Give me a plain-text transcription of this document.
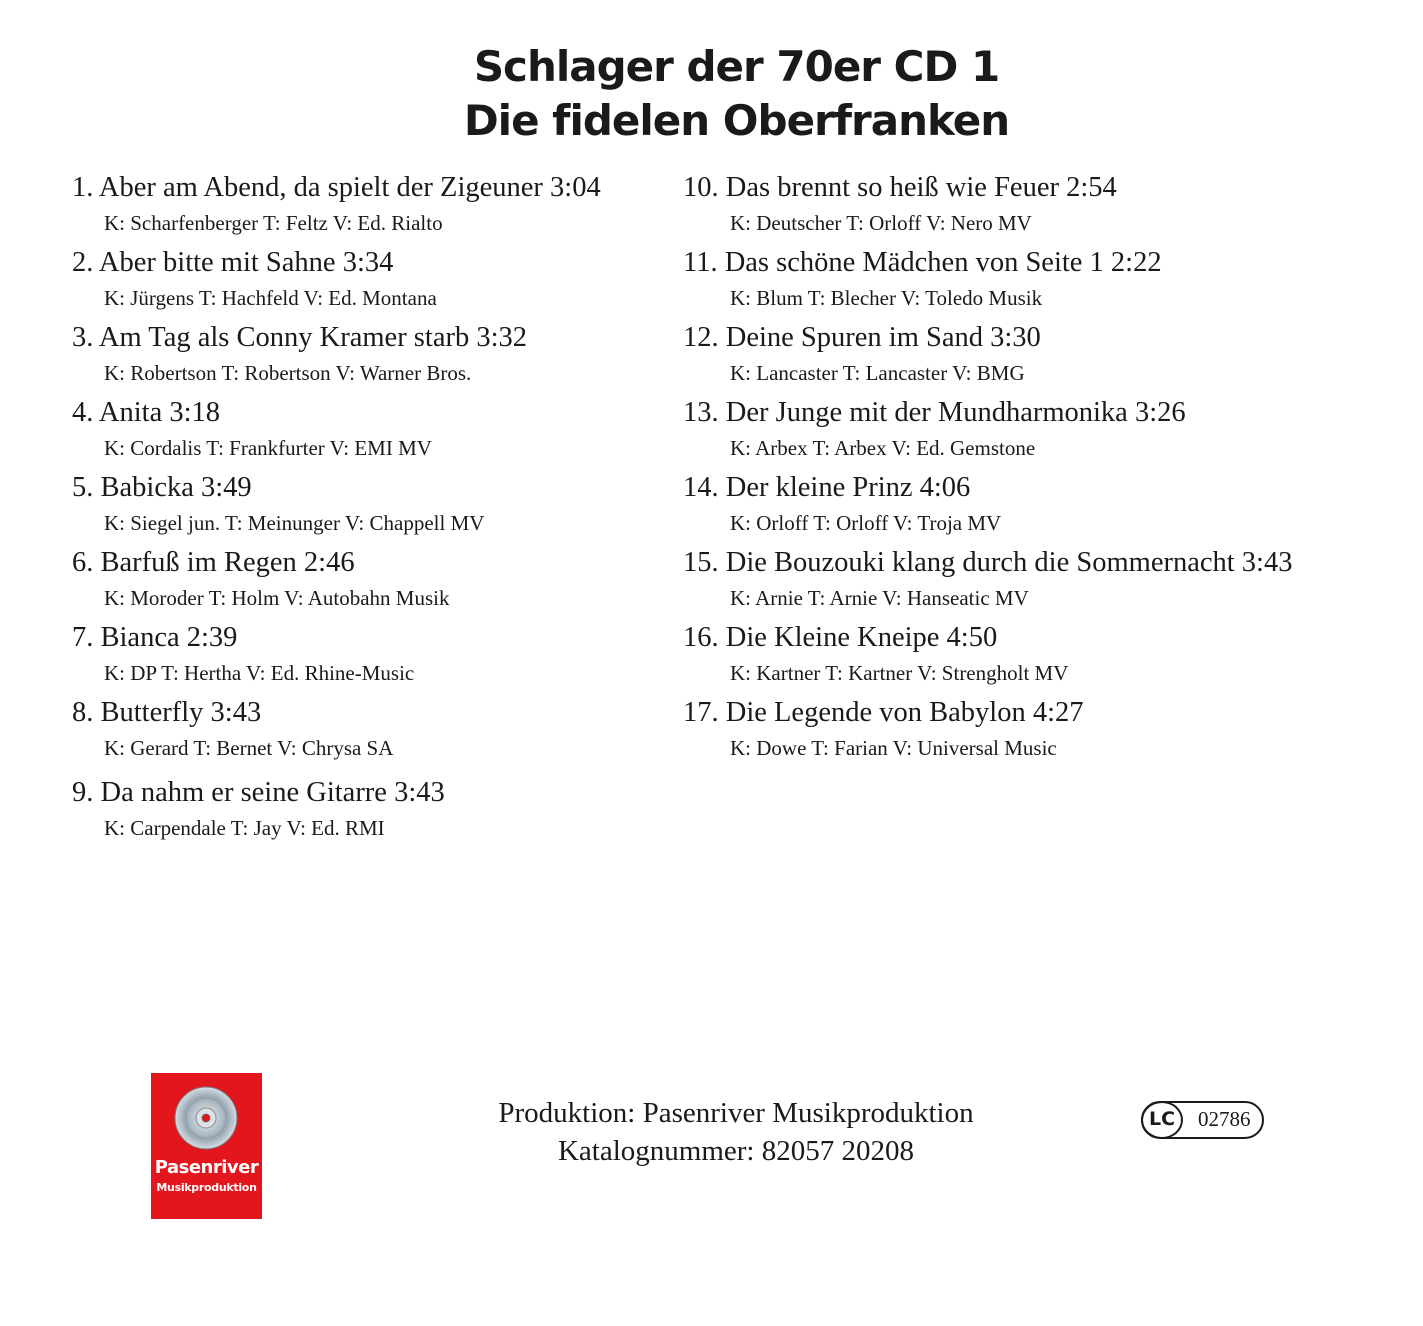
Schlager der 70er CD 1
Die fidelen Oberfranken
1. Aber am Abend, da spielt der Zigeuner 3:04
K: Scharfenberger T: Feltz V: Ed. Rialto
2. Aber bitte mit Sahne 3:34
K: Jürgens T: Hachfeld V: Ed. Montana
3. Am Tag als Conny Kramer starb 3:32
K: Robertson T: Robertson V: Warner Bros.
4. Anita 3:18
K: Cordalis T: Frankfurter V: EMI MV
5. Babicka 3:49
K: Siegel jun. T: Meinunger V: Chappell MV
6. Barfuß im Regen 2:46
K: Moroder T: Holm V: Autobahn Musik
7. Bianca 2:39
K: DP T: Hertha V: Ed. Rhine-Music
8. Butterfly 3:43
K: Gerard T: Bernet V: Chrysa SA
9. Da nahm er seine Gitarre 3:43
K: Carpendale T: Jay V: Ed. RMI
10. Das brennt so heiß wie Feuer 2:54
K: Deutscher T: Orloff V: Nero MV
11. Das schöne Mädchen von Seite 1 2:22
K: Blum T: Blecher V: Toledo Musik
12. Deine Spuren im Sand 3:30
K: Lancaster T: Lancaster V: BMG
13. Der Junge mit der Mundharmonika 3:26
K: Arbex T: Arbex V: Ed. Gemstone
14. Der kleine Prinz 4:06
K: Orloff T: Orloff V: Troja MV
15. Die Bouzouki klang durch die Sommernacht 3:43
K: Arnie T: Arnie V: Hanseatic MV
16. Die Kleine Kneipe 4:50
K: Kartner T: Kartner V: Strengholt MV
17. Die Legende von Babylon 4:27
K: Dowe T: Farian V: Universal Music
Pasenriver
Musikproduktion
Produktion: Pasenriver Musikproduktion
Katalognummer: 82057 20208
LC	02786
